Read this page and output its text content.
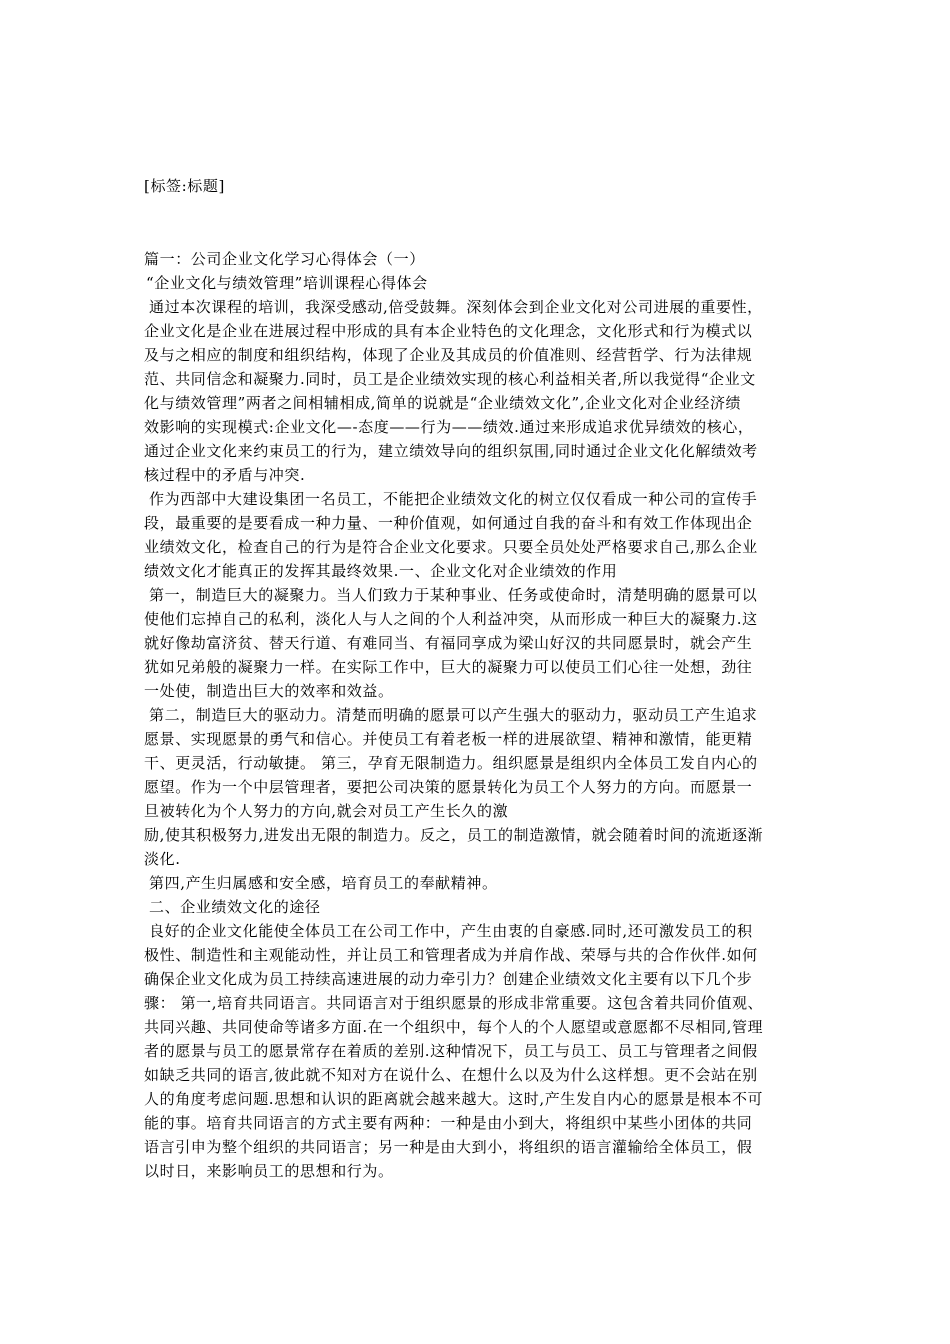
[标签:标题]
篇一：公司企业文化学习心得体会（一）
“企业文化与绩效管理”培训课程心得体会
通过本次课程的培训，我深受感动,倍受鼓舞。深刻体会到企业文化对公司进展的重要性，
企业文化是企业在进展过程中形成的具有本企业特色的文化理念，文化形式和行为模式以
及与之相应的制度和组织结构，体现了企业及其成员的价值准则、经营哲学、行为法律规
范、共同信念和凝聚力.同时，员工是企业绩效实现的核心利益相关者,所以我觉得“企业文
化与绩效管理”两者之间相辅相成,简单的说就是“企业绩效文化”,企业文化对企业经济绩
效影响的实现模式:企业文化—-态度——行为——绩效.通过来形成追求优异绩效的核心，
通过企业文化来约束员工的行为，建立绩效导向的组织氛围,同时通过企业文化化解绩效考
核过程中的矛盾与冲突.
作为西部中大建设集团一名员工，不能把企业绩效文化的树立仅仅看成一种公司的宣传手
段，最重要的是要看成一种力量、一种价值观，如何通过自我的奋斗和有效工作体现出企
业绩效文化，检查自己的行为是符合企业文化要求。只要全员处处严格要求自己,那么企业
绩效文化才能真正的发挥其最终效果.一、企业文化对企业绩效的作用
第一，制造巨大的凝聚力。当人们致力于某种事业、任务或使命时，清楚明确的愿景可以
使他们忘掉自己的私利，淡化人与人之间的个人利益冲突，从而形成一种巨大的凝聚力.这
就好像劫富济贫、替天行道、有难同当、有福同享成为梁山好汉的共同愿景时，就会产生
犹如兄弟般的凝聚力一样。在实际工作中，巨大的凝聚力可以使员工们心往一处想，劲往
一处使，制造出巨大的效率和效益。
第二，制造巨大的驱动力。清楚而明确的愿景可以产生强大的驱动力，驱动员工产生追求
愿景、实现愿景的勇气和信心。并使员工有着老板一样的进展欲望、精神和激情，能更精
干、更灵活，行动敏捷。 第三，孕育无限制造力。组织愿景是组织内全体员工发自内心的
愿望。作为一个中层管理者，要把公司决策的愿景转化为员工个人努力的方向。而愿景一
旦被转化为个人努力的方向,就会对员工产生长久的激
励,使其积极努力,进发出无限的制造力。反之，员工的制造激情，就会随着时间的流逝逐渐
淡化.
第四,产生归属感和安全感，培育员工的奉献精神。
二、企业绩效文化的途径
良好的企业文化能使全体员工在公司工作中，产生由衷的自豪感.同时,还可激发员工的积
极性、制造性和主观能动性，并让员工和管理者成为并肩作战、荣辱与共的合作伙伴.如何
确保企业文化成为员工持续高速进展的动力牵引力？创建企业绩效文化主要有以下几个步
骤： 第一,培育共同语言。共同语言对于组织愿景的形成非常重要。这包含着共同价值观、
共同兴趣、共同使命等诸多方面.在一个组织中，每个人的个人愿望或意愿都不尽相同,管理
者的愿景与员工的愿景常存在着质的差别.这种情况下，员工与员工、员工与管理者之间假
如缺乏共同的语言,彼此就不知对方在说什么、在想什么以及为什么这样想。更不会站在别
人的角度考虑问题.思想和认识的距离就会越来越大。这时,产生发自内心的愿景是根本不可
能的事。培育共同语言的方式主要有两种：一种是由小到大，将组织中某些小团体的共同
语言引申为整个组织的共同语言；另一种是由大到小，将组织的语言灌输给全体员工，假
以时日，来影响员工的思想和行为。
